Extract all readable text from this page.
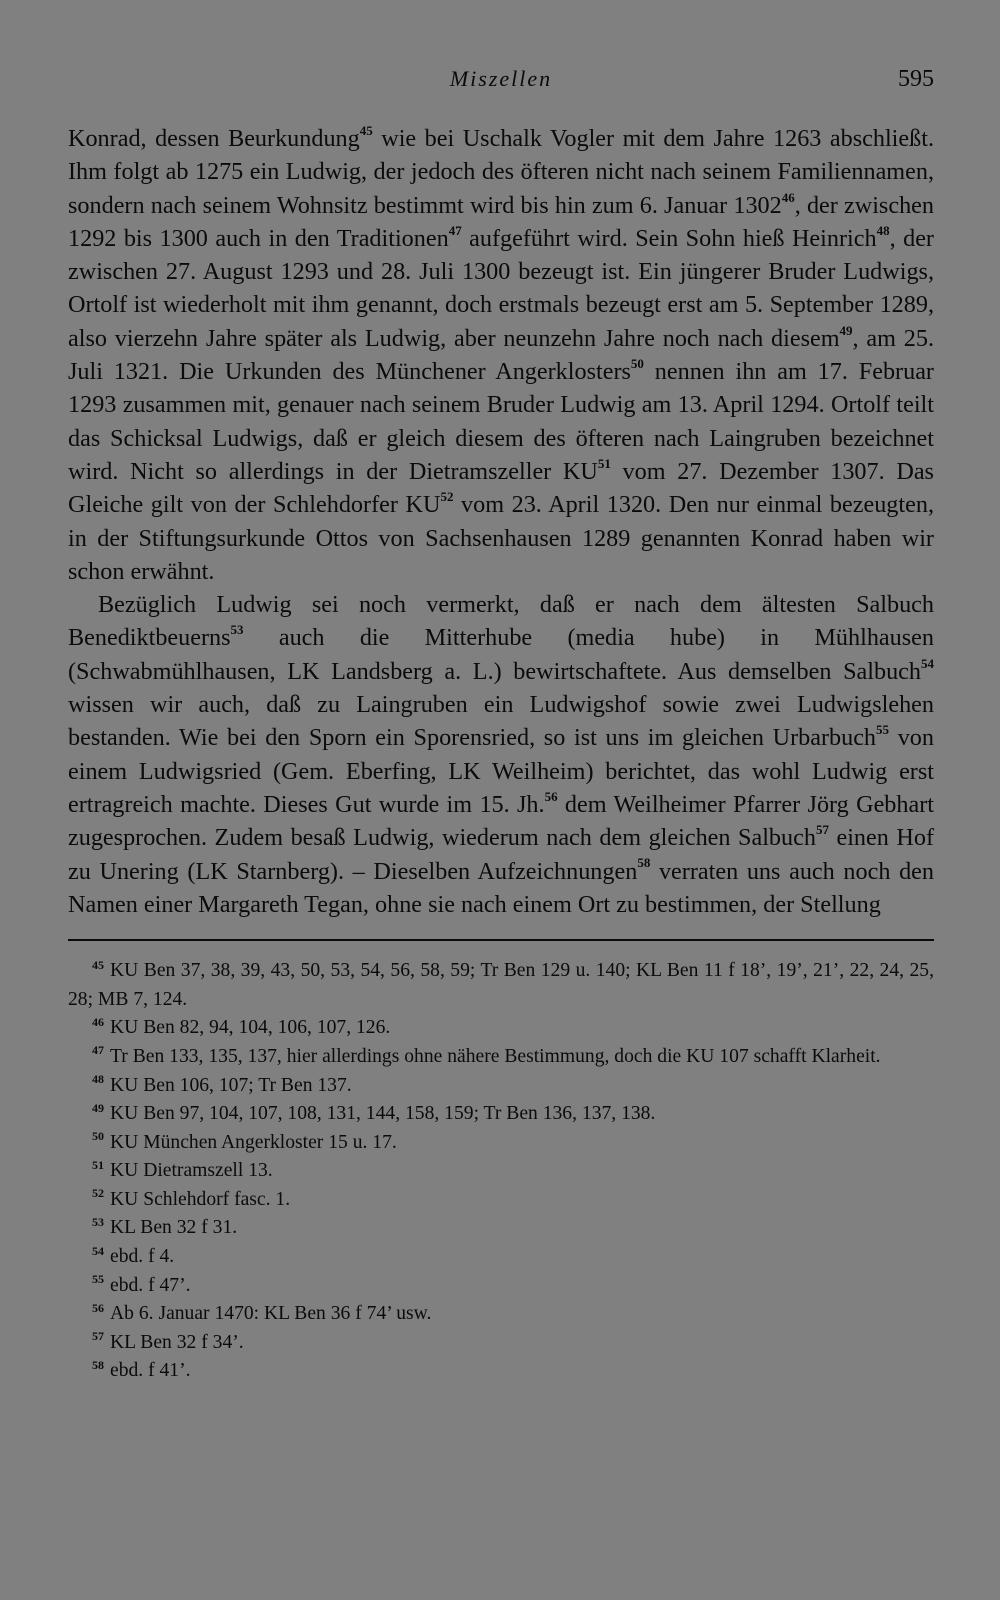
Miszellen	595

Konrad, dessen Beurkundung$^{45}$ wie bei Uschalk Vogler mit dem Jahre 1263 abschließt. Ihm folgt ab 1275 ein Ludwig, der jedoch des öfteren nicht nach seinem Familiennamen, sondern nach seinem Wohnsitz bestimmt wird bis hin zum 6. Januar 1302$^{46}$, der zwischen 1292 bis 1300 auch in den Traditionen$^{47}$ aufgeführt wird. Sein Sohn hieß Heinrich$^{48}$, der zwischen 27. August 1293 und 28. Juli 1300 bezeugt ist. Ein jüngerer Bruder Ludwigs, Ortolf ist wiederholt mit ihm genannt, doch erstmals bezeugt erst am 5. September 1289, also vierzehn Jahre später als Ludwig, aber neunzehn Jahre noch nach diesem$^{49}$, am 25. Juli 1321. Die Urkunden des Münchener Angerklosters$^{50}$ nennen ihn am 17. Februar 1293 zusammen mit, genauer nach seinem Bruder Ludwig am 13. April 1294. Ortolf teilt das Schicksal Ludwigs, daß er gleich diesem des öfteren nach Laingruben bezeichnet wird. Nicht so allerdings in der Dietramszeller KU$^{51}$ vom 27. Dezember 1307. Das Gleiche gilt von der Schlehdorfer KU$^{52}$ vom 23. April 1320. Den nur einmal bezeugten, in der Stiftungsurkunde Ottos von Sachsenhausen 1289 genannten Konrad haben wir schon erwähnt.

Bezüglich Ludwig sei noch vermerkt, daß er nach dem ältesten Salbuch Benediktbeuerns$^{53}$ auch die Mitterhube (media hube) in Mühlhausen (Schwabmühlhausen, LK Landsberg a. L.) bewirtschaftete. Aus demselben Salbuch$^{54}$ wissen wir auch, daß zu Laingruben ein Ludwigshof sowie zwei Ludwigslehen bestanden. Wie bei den Sporn ein Sporensried, so ist uns im gleichen Urbarbuch$^{55}$ von einem Ludwigsried (Gem. Eberfing, LK Weilheim) berichtet, das wohl Ludwig erst ertragreich machte. Dieses Gut wurde im 15. Jh.$^{56}$ dem Weilheimer Pfarrer Jörg Gebhart zugesprochen. Zudem besaß Ludwig, wiederum nach dem gleichen Salbuch$^{57}$ einen Hof zu Unering (LK Starnberg). – Dieselben Aufzeichnungen$^{58}$ verraten uns auch noch den Namen einer Margareth Tegan, ohne sie nach einem Ort zu bestimmen, der Stellung

$^{45}$ KU Ben 37, 38, 39, 43, 50, 53, 54, 56, 58, 59; Tr Ben 129 u. 140; KL Ben 11 f 18’, 19’, 21’, 22, 24, 25, 28; MB 7, 124.

$^{46}$ KU Ben 82, 94, 104, 106, 107, 126.

$^{47}$ Tr Ben 133, 135, 137, hier allerdings ohne nähere Bestimmung, doch die KU 107 schafft Klarheit.

$^{48}$ KU Ben 106, 107; Tr Ben 137.

$^{49}$ KU Ben 97, 104, 107, 108, 131, 144, 158, 159; Tr Ben 136, 137, 138.

$^{50}$ KU München Angerkloster 15 u. 17.

$^{51}$ KU Dietramszell 13.

$^{52}$ KU Schlehdorf fasc. 1.

$^{53}$ KL Ben 32 f 31.

$^{54}$ ebd. f 4.

$^{55}$ ebd. f 47’.

$^{56}$ Ab 6. Januar 1470: KL Ben 36 f 74’ usw.

$^{57}$ KL Ben 32 f 34’.

$^{58}$ ebd. f 41’.
